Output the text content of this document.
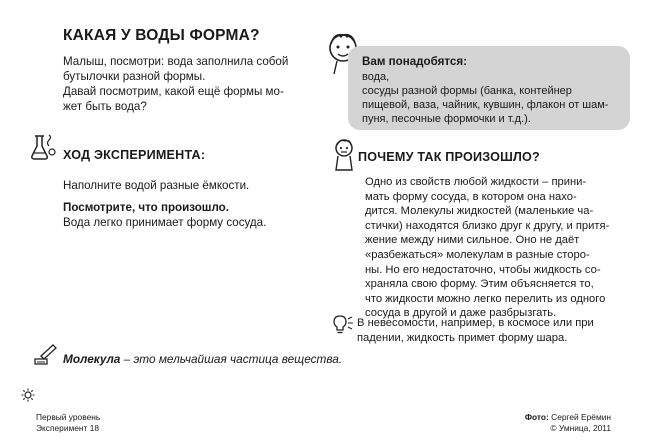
КАКАЯ У ВОДЫ ФОРМА?

Малыш, посмотри: вода заполнила собой

бутылочки разной формы.

Давай посмотрим, какой ещё формы мо-

жет быть вода?

Вам понадобятся:
вода,
сосуды разной формы (банка, контейнер
пищевой, ваза, чайник, кувшин, флакон от шам-
пуня, песочные формочки и т.д.).
ХОД ЭКСПЕРИМЕНТА:
Наполните водой разные ёмкости.

Посмотрите, что произошло.

Вода легко принимает форму сосуда.

ПОЧЕМУ ТАК ПРОИЗОШЛО?
Одно из свойств любой жидкости – прини-
мать форму сосуда, в котором она нахо-
дится. Молекулы жидкостей (маленькие ча-
стички) находятся близко друг к другу, и притя-
жение между ними сильное. Оно не даёт
«разбежаться» молекулам в разные сторо-
ны. Но его недостаточно, чтобы жидкость со-
храняла свою форму. Этим объясняется то,
что жидкости можно легко перелить из одного
сосуда в другой и даже разбрызгать.
В невесомости, например, в космосе или при
падении, жидкость примет форму шара.
Молекула – это мельчайшая частица вещества.
Первый уровень
Эксперимент 18
Фото: Сергей Ерёмин
© Умница, 2011
